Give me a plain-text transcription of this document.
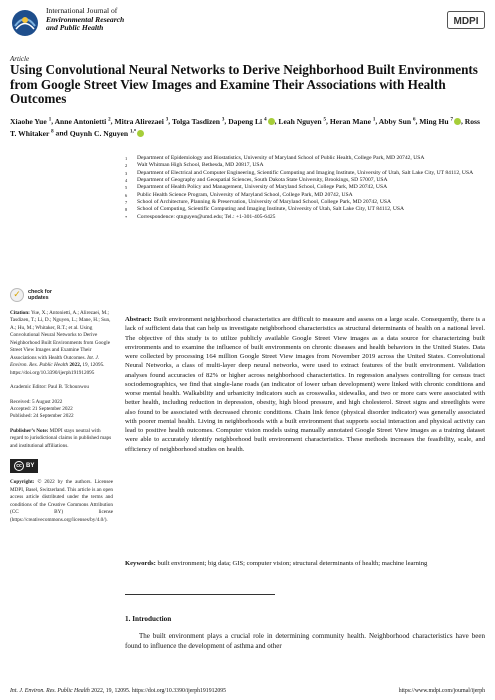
International Journal of
Environmental Research
and Public Health
MDPI
Article
Using Convolutional Neural Networks to Derive Neighborhood Built Environments from Google Street View Images and Examine Their Associations with Health Outcomes
Xiaohe Yue $^1$, Anne Antonietti $^2$, Mitra Alirezaei $^3$, Tolga Tasdizen $^3$, Dapeng Li $^4$ , Leah Nguyen $^5$, Heran Mane $^1$, Abby Sun $^6$, Ming Hu $^7$ , Ross T. Whitaker $^8$ and Quynh C. Nguyen $^{1,*}$
1	Department of Epidemiology and Biostatistics, University of Maryland School of Public Health, College Park, MD 20742, USA
2	Walt Whitman High School, Bethesda, MD 20817, USA
3	Department of Electrical and Computer Engineering, Scientific Computing and Imaging Institute, University of Utah, Salt Lake City, UT 84112, USA
4	Department of Geography and Geospatial Sciences, South Dakota State University, Brookings, SD 57007, USA
5	Department of Health Policy and Management, University of Maryland School, College Park, MD 20742, USA
6	Public Health Science Program, University of Maryland School, College Park, MD 20742, USA
7	School of Architecture, Planning & Preservation, University of Maryland School, College Park, MD 20742, USA
8	School of Computing, Scientific Computing and Imaging Institute, University of Utah, Salt Lake City, UT 84112, USA
*	Correspondence: qtnguyen@umd.edu; Tel.: +1-301-405-6425
✓	check for
updates
Citation: Yue, X.; Antonietti, A.; Alirezaei, M.; Tasdizen, T.; Li, D.; Nguyen, L.; Mane, H.; Sun, A.; Hu, M.; Whitaker, R.T.; et al. Using Convolutional Neural Networks to Derive Neighborhood Built Environments from Google Street View Images and Examine Their Associations with Health Outcomes. Int. J. Environ. Res. Public Health 2022, 19, 12095. https://doi.org/10.3390/ijerph191912095
Academic Editor: Paul B. Tchounwou
Received: 5 August 2022
Accepted: 21 September 2022
Published: 24 September 2022
Publisher’s Note: MDPI stays neutral with regard to jurisdictional claims in published maps and institutional affiliations.
cc BY
Copyright: © 2022 by the authors. Licensee MDPI, Basel, Switzerland. This article is an open access article distributed under the terms and conditions of the Creative Commons Attribution (CC BY) license (https://creativecommons.org/licenses/by/4.0/).
Abstract: Built environment neighborhood characteristics are difficult to measure and assess on a large scale. Consequently, there is a lack of sufficient data that can help us investigate neighborhood characteristics as structural determinants of health on a national level. The objective of this study is to utilize publicly available Google Street View images as a data source for characterizing built environments and to examine the influence of built environments on chronic diseases and health behaviors in the United States. Data were collected by processing 164 million Google Street View images from November 2019 across the United States. Convolutional Neural Networks, a class of multi-layer deep neural networks, were used to extract features of the built environment. Validation analyses found accuracies of 82% or higher across neighborhood characteristics. In regression analyses controlling for census tract sociodemographics, we find that single-lane roads (an indicator of lower urban development) were linked with chronic conditions and worse mental health. Walkability and urbanicity indicators such as crosswalks, sidewalks, and two or more cars were associated with better health, including reduction in depression, obesity, high blood pressure, and high cholesterol. Street signs and streetlights were also found to be associated with decreased chronic conditions. Chain link fence (physical disorder indicator) was generally associated with poorer mental health. Living in neighborhoods with a built environment that supports social interaction and physical activity can lead to positive health outcomes. Computer vision models using manually annotated Google Street View images as a training dataset were able to accurately identify neighborhood built environment characteristics. These methods increases the feasibility, scale, and efficiency of neighborhood studies on health.
Keywords: built environment; big data; GIS; computer vision; structural determinants of health; machine learning
1. Introduction
The built environment plays a crucial role in determining community health. Neighborhood characteristics have been found to influence the development of asthma and other
Int. J. Environ. Res. Public Health 2022, 19, 12095. https://doi.org/10.3390/ijerph191912095	https://www.mdpi.com/journal/ijerph
